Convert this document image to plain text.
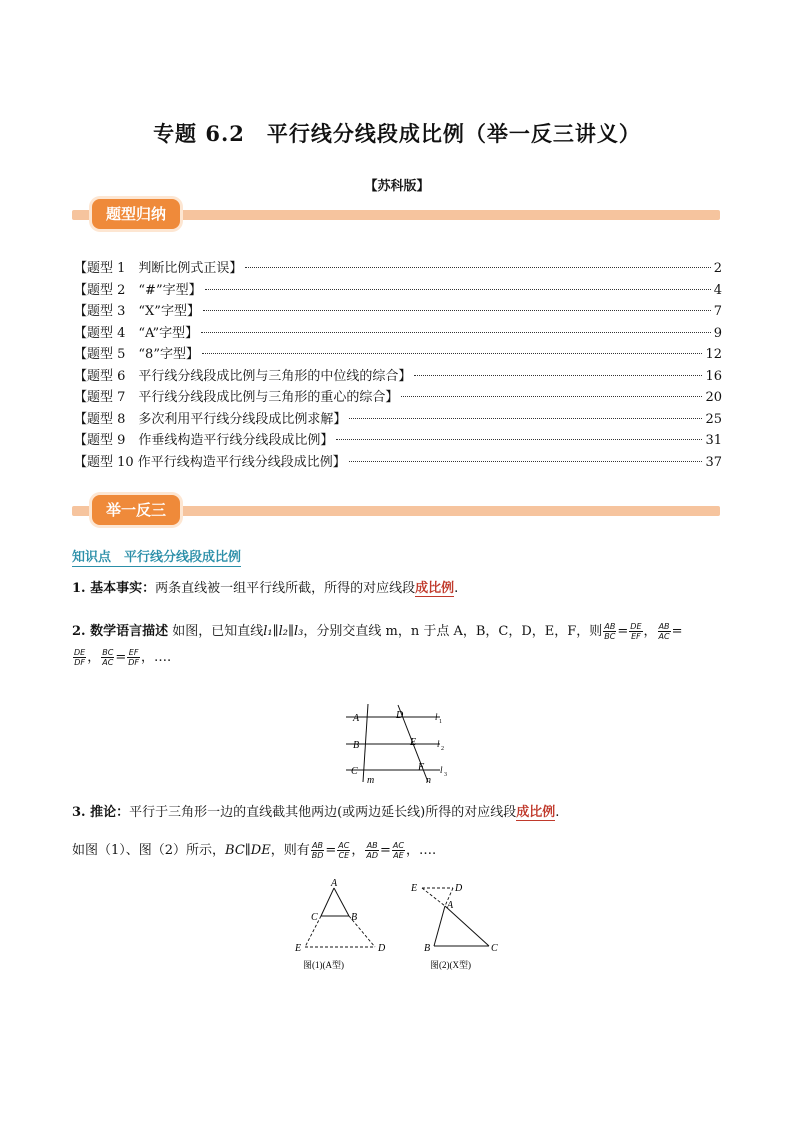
专题 6.2　平行线分线段成比例（举一反三讲义）
【苏科版】
题型归纳
【题型 1　判断比例式正误】	2
【题型 2　“#”字型】	4
【题型 3　“X”字型】	7
【题型 4　“A”字型】	9
【题型 5　“8”字型】	12
【题型 6　平行线分线段成比例与三角形的中位线的综合】	16
【题型 7　平行线分线段成比例与三角形的重心的综合】	20
【题型 8　多次利用平行线分线段成比例求解】	25
【题型 9　作垂线构造平行线分线段成比例】	31
【题型 10 作平行线构造平行线分线段成比例】	37
举一反三
知识点　平行线分线段成比例
1. 基本事实：两条直线被一组平行线所截，所得的对应线段成比例.
2. 数学语言描述 如图，已知直线l₁∥l₂∥l₃，分别交直线 m，n 于点 A，B，C，D，E，F，则 $\frac{AB}{BC} = \frac{DE}{EF}$ ， $\frac{AB}{AC}$ =

$\frac{DE}{DF}$ ， $\frac{BC}{AC} = \frac{EF}{DF}$ ，….
A
B
C
D
E
F
m	n
l 1
l 2
l 3
3. 推论：平行于三角形一边的直线截其他两边(或两边延长线)所得的对应线段成比例.
如图（1）、图（2）所示，BC∥DE，则有 $\frac{AB}{BD} = \frac{AC}{CE}$ ， $\frac{AB}{AD} = \frac{AC}{AE}$ ，….
A
C	B
E	D
图(1)(A型)
E	D
A
B	C
图(2)(X型)
